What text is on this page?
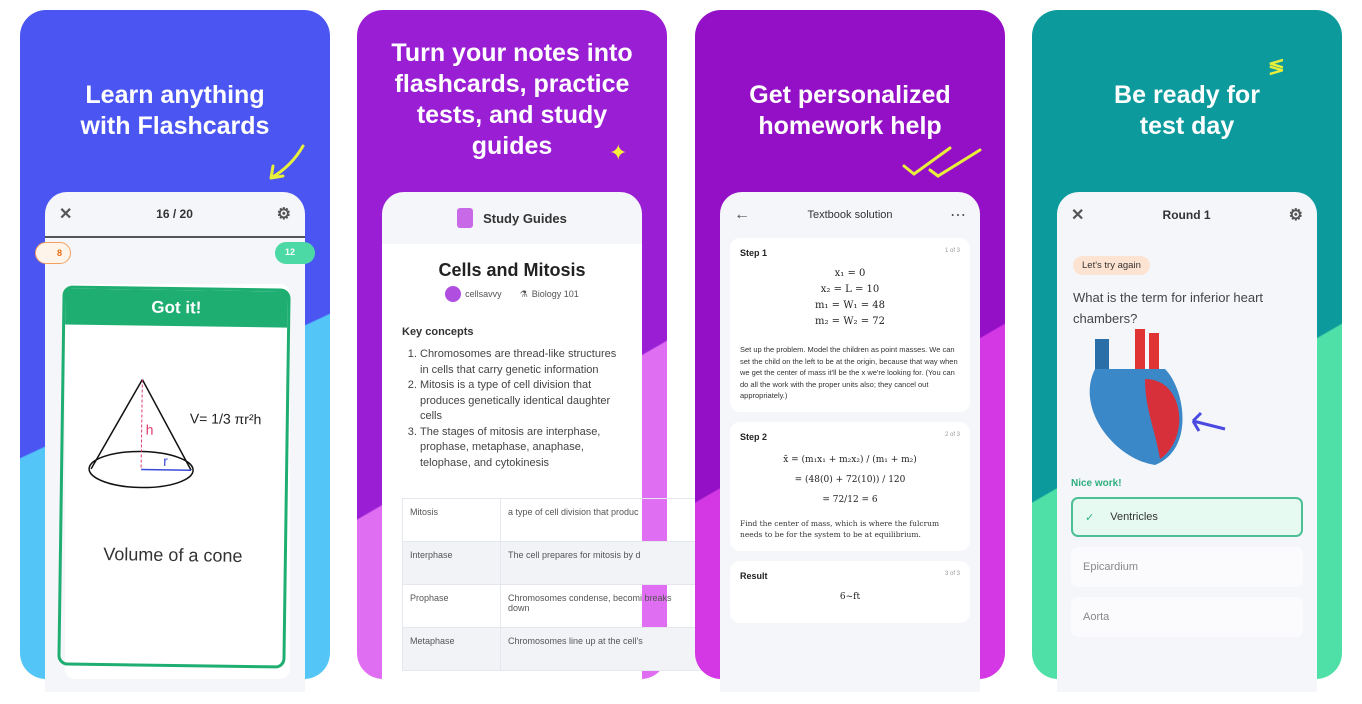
Learn anything with Flashcards
✕	16 / 20	⚙
8	12
Got it!
h
r
V= 1/3 πr²h
Volume of a cone
Turn your notes into flashcards, practice tests, and study guides	✦
Study Guides
Cells and Mitosis
cellsavvy ⚗ Biology 101
Key concepts
1. Chromosomes are thread-like structures in cells that carry genetic information
2. Mitosis is a type of cell division that produces genetically identical daughter cells
3. The stages of mitosis are interphase, prophase, metaphase, anaphase, telophase, and cytokinesis
Mitosis	a type of cell division that produc
Interphase	The cell prepares for mitosis by d
Prophase	Chromosomes condense, becomi breaks down
Metaphase	Chromosomes line up at the cell's
Get personalized homework help
←	Textbook solution	⋯
Step 1	1 of 3
x₁ = 0
x₂ = L = 10
m₁ = W₁ = 48
m₂ = W₂ = 72
Set up the problem. Model the children as point masses. We can set the child on the left to be at the origin, because that way when we get the center of mass it'll be the x we're looking for. (You can do all the work with the proper units also; they cancel out appropriately.)
Step 2	2 of 3
x̄ = (m₁x₁ + m₂x₂) / (m₁ + m₂)
= (48(0) + 72(10)) / 120
= 72/12 = 6
Find the center of mass, which is where the fulcrum needs to be for the system to be at equilibrium.
Result	3 of 3
6~ft
Be ready for test day
≶
✕	Round 1	⚙
Let's try again
What is the term for inferior heart chambers?
Nice work!
✓ Ventricles
Epicardium
Aorta
